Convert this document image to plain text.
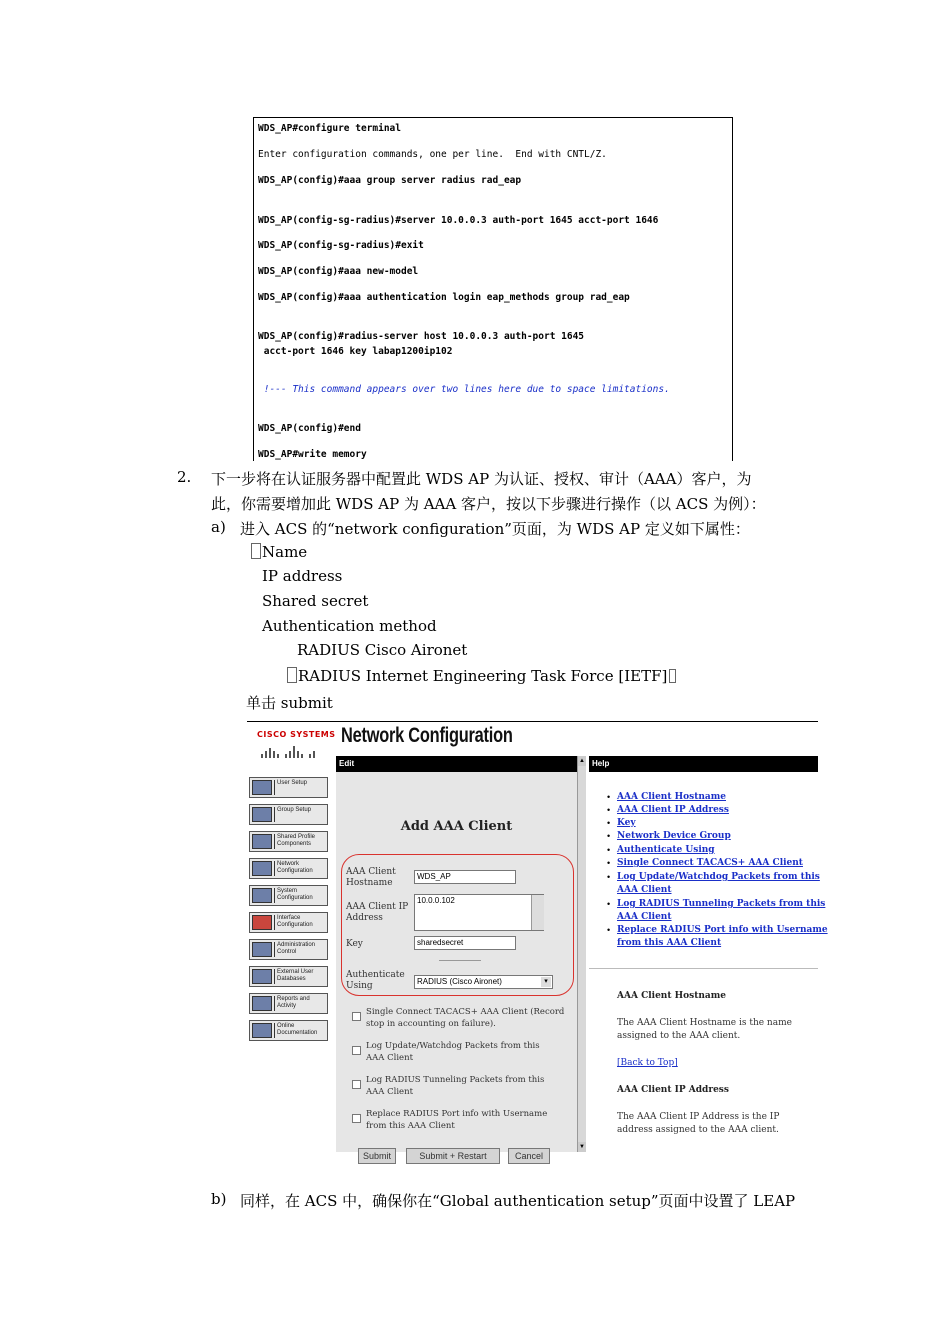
WDS_AP#configure terminal
Enter configuration commands, one per line.  End with CNTL/Z.
WDS_AP(config)#aaa group server radius rad_eap
WDS_AP(config-sg-radius)#server 10.0.0.3 auth-port 1645 acct-port 1646
WDS_AP(config-sg-radius)#exit
WDS_AP(config)#aaa new-model
WDS_AP(config)#aaa authentication login eap_methods group rad_eap
WDS_AP(config)#radius-server host 10.0.0.3 auth-port 1645
acct-port 1646 key labap1200ip102
!--- This command appears over two lines here due to space limitations.
WDS_AP(config)#end
WDS_AP#write memory
2. 下一步将在认证服务器中配置此 WDS AP 为认证、授权、审计（AAA）客户，为
此，你需要增加此 WDS AP 为 AAA 客户，按以下步骤进行操作（以 ACS 为例）：
a) 进入 ACS 的“network configuration”页面，为 WDS AP 定义如下属性：
Name
IP address
Shared secret
Authentication method
RADIUS Cisco Aironet
RADIUS Internet Engineering Task Force [IETF]
单击 submit
CISCO SYSTEMS Network Configuration
User Setup
Group Setup
Shared Profile Components
Network Configuration
System Configuration
Interface Configuration
Administration Control
External User Databases
Reports and Activity
Online Documentation
Edit	Help
Add AAA Client
AAA Client Hostname
WDS_AP
AAA Client IP Address
10.0.0.102
Key	sharedsecret
Authenticate Using	RADIUS (Cisco Aironet)	▾
Single Connect TACACS+ AAA Client (Record stop in accounting on failure).
Log Update/Watchdog Packets from this AAA Client
Log RADIUS Tunneling Packets from this AAA Client
Replace RADIUS Port info with Username from this AAA Client
Submit	Submit + Restart	Cancel
▲
▼
• AAA Client Hostname
• AAA Client IP Address
• Key
• Network Device Group
• Authenticate Using
• Single Connect TACACS+ AAA Client
• Log Update/Watchdog Packets from this
AAA Client
• Log RADIUS Tunneling Packets from this
AAA Client
• Replace RADIUS Port info with Username
from this AAA Client
AAA Client Hostname
The AAA Client Hostname is the name
assigned to the AAA client.
[Back to Top]
AAA Client IP Address
The AAA Client IP Address is the IP
address assigned to the AAA client.
b) 同样，在 ACS 中，确保你在“Global authentication setup”页面中设置了 LEAP
